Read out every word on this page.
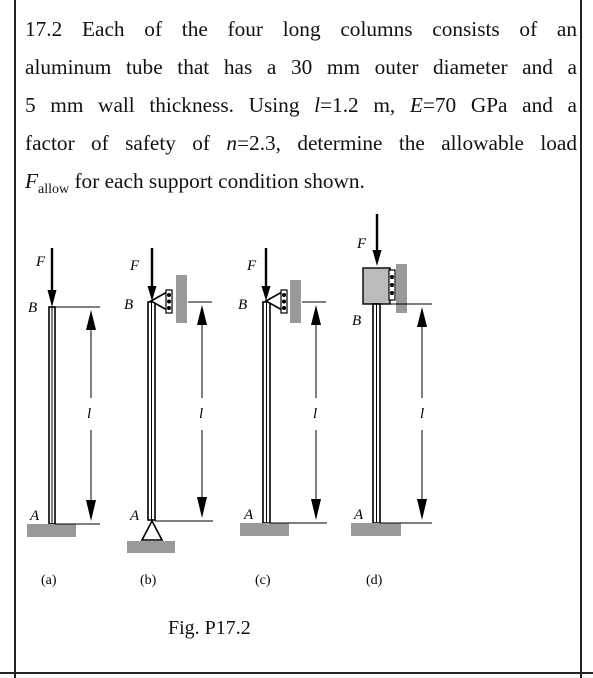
17.2 Each of the four long columns consists of an
aluminum tube that has a 30 mm outer diameter and a
5 mm wall thickness. Using l=1.2 m, E=70 GPa and a
factor of safety of n=2.3, determine the allowable load
$F_{allow}$ for each support condition shown.
F
B
A
l
(a)
F
B
A
l
(b)
F
B
A
l
(c)
F
B
A
l
(d)
Fig. P17.2
